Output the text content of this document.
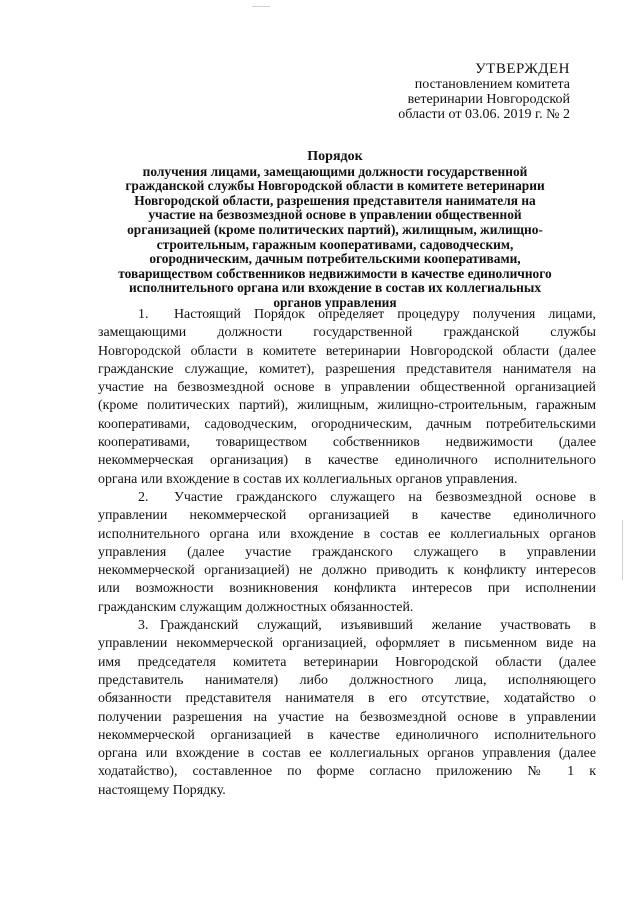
УТВЕРЖДЕН
постановлением комитета
ветеринарии Новгородской
области от 03.06. 2019 г. № 2
Порядок
получения лицами, замещающими должности государственной
гражданской службы Новгородской области в комитете ветеринарии
Новгородской области, разрешения представителя нанимателя на
участие на безвозмездной основе в управлении общественной
организацией (кроме политических партий), жилищным, жилищно-
строительным, гаражным кооперативами, садоводческим,
огородническим, дачным потребительскими кооперативами,
товариществом собственников недвижимости в качестве единоличного
исполнительного органа или вхождение в состав их коллегиальных
органов управления
1. Настоящий Порядок определяет процедуру получения лицами,
замещающими должности государственной гражданской службы
Новгородской области в комитете ветеринарии Новгородской области (далее
гражданские служащие, комитет), разрешения представителя нанимателя на
участие на безвозмездной основе в управлении общественной организацией
(кроме политических партий), жилищным, жилищно-строительным, гаражным
кооперативами, садоводческим, огородническим, дачным потребительскими
кооперативами, товариществом собственников недвижимости (далее
некоммерческая организация) в качестве единоличного исполнительного
органа или вхождение в состав их коллегиальных органов управления.
2. Участие гражданского служащего на безвозмездной основе в
управлении некоммерческой организацией в качестве единоличного
исполнительного органа или вхождение в состав ее коллегиальных органов
управления (далее участие гражданского служащего в управлении
некоммерческой организацией) не должно приводить к конфликту интересов
или возможности возникновения конфликта интересов при исполнении
гражданским служащим должностных обязанностей.
3. Гражданский служащий, изъявивший желание участвовать в
управлении некоммерческой организацией, оформляет в письменном виде на
имя председателя комитета ветеринарии Новгородской области (далее
представитель нанимателя) либо должностного лица, исполняющего
обязанности представителя нанимателя в его отсутствие, ходатайство о
получении разрешения на участие на безвозмездной основе в управлении
некоммерческой организацией в качестве единоличного исполнительного
органа или вхождение в состав ее коллегиальных органов управления (далее
ходатайство), составленное по форме согласно приложению № 1 к
настоящему Порядку.
